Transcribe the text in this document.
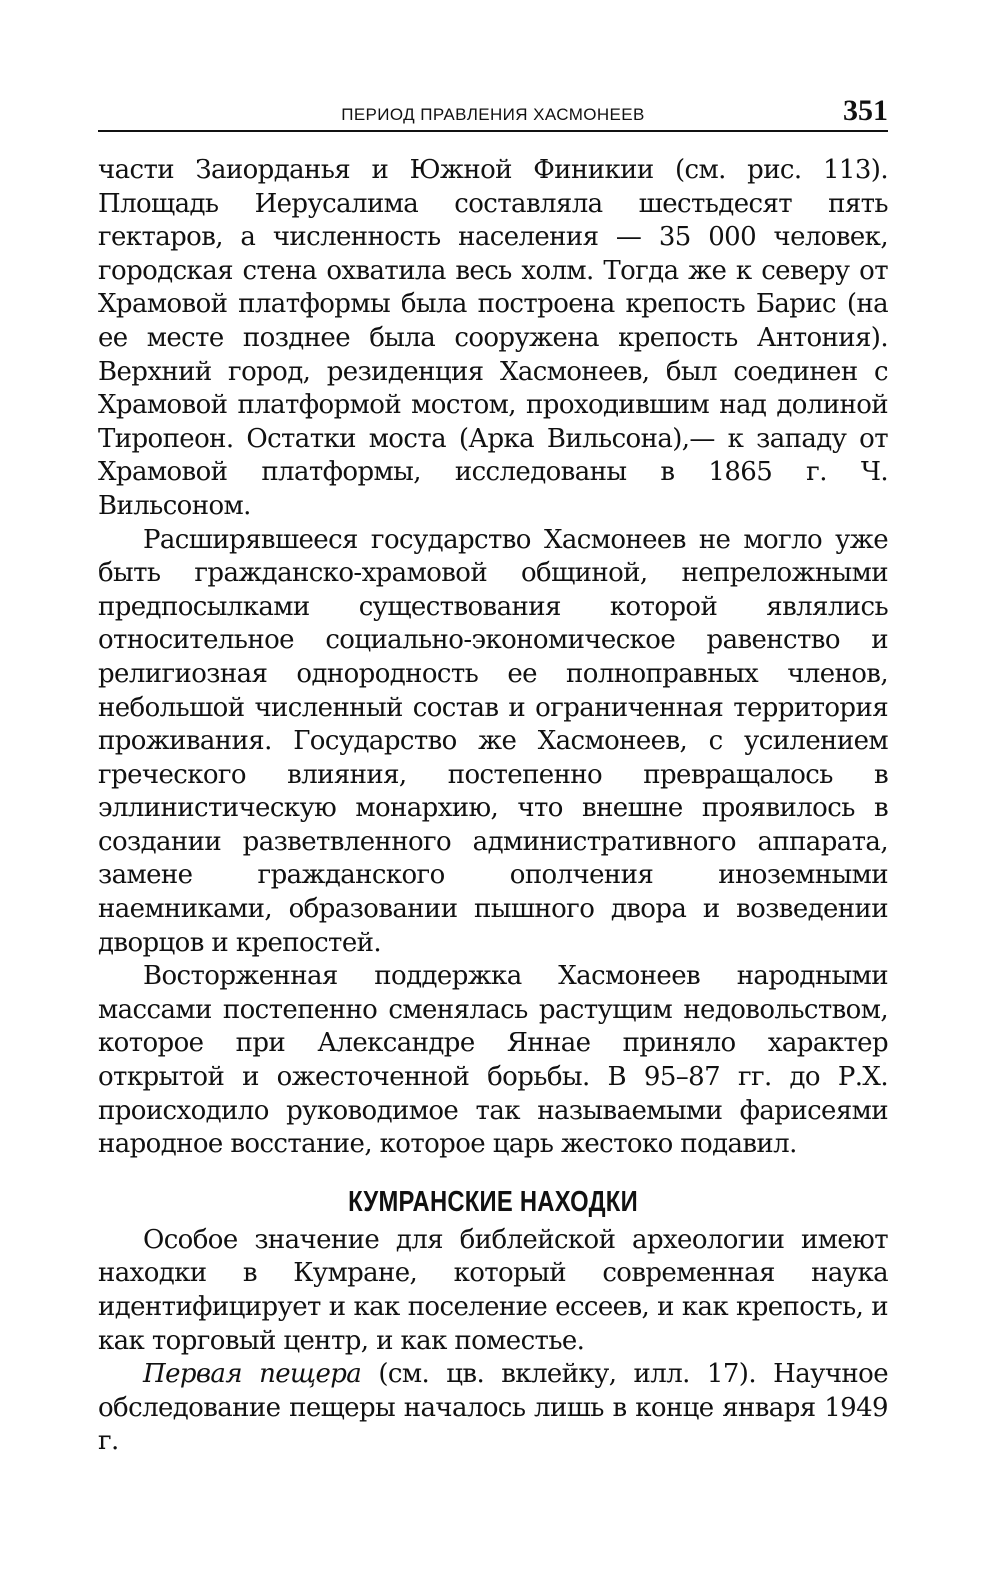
ПЕРИОД ПРАВЛЕНИЯ ХАСМОНЕЕВ	351

части Заиорданья и Южной Финикии (см. рис. 113). Площадь Иерусалима составляла шестьдесят пять гектаров, а численность населения — 35 000 человек, городская стена охватила весь холм. Тогда же к северу от Храмовой платформы была построена крепость Барис (на ее месте позднее была сооружена крепость Антония). Верхний город, резиденция Хасмонеев, был соединен с Храмовой платформой мостом, проходившим над долиной Тиропеон. Остатки моста (Арка Вильсона),— к западу от Храмовой платформы, исследованы в 1865 г. Ч. Вильсоном.

Расширявшееся государство Хасмонеев не могло уже быть гражданско-храмовой общиной, непреложными предпосылками существования которой являлись относительное социально-экономическое равенство и религиозная однородность ее полноправных членов, небольшой численный состав и ограниченная территория проживания. Государство же Хасмонеев, с усилением греческого влияния, постепенно превращалось в эллинистическую монархию, что внешне проявилось в создании разветвленного административного аппарата, замене гражданского ополчения иноземными наемниками, образовании пышного двора и возведении дворцов и крепостей.

Восторженная поддержка Хасмонеев народными массами постепенно сменялась растущим недовольством, которое при Александре Яннае приняло характер открытой и ожесточенной борьбы. В 95–87 гг. до Р.Х. происходило руководимое так называемыми фарисеями народное восстание, которое царь жестоко подавил.

КУМРАНСКИЕ НАХОДКИ

Особое значение для библейской археологии имеют находки в Кумране, который современная наука идентифицирует и как поселение ессеев, и как крепость, и как торговый центр, и как поместье.

Первая пещера (см. цв. вклейку, илл. 17). Научное обследование пещеры началось лишь в конце января 1949 г.
